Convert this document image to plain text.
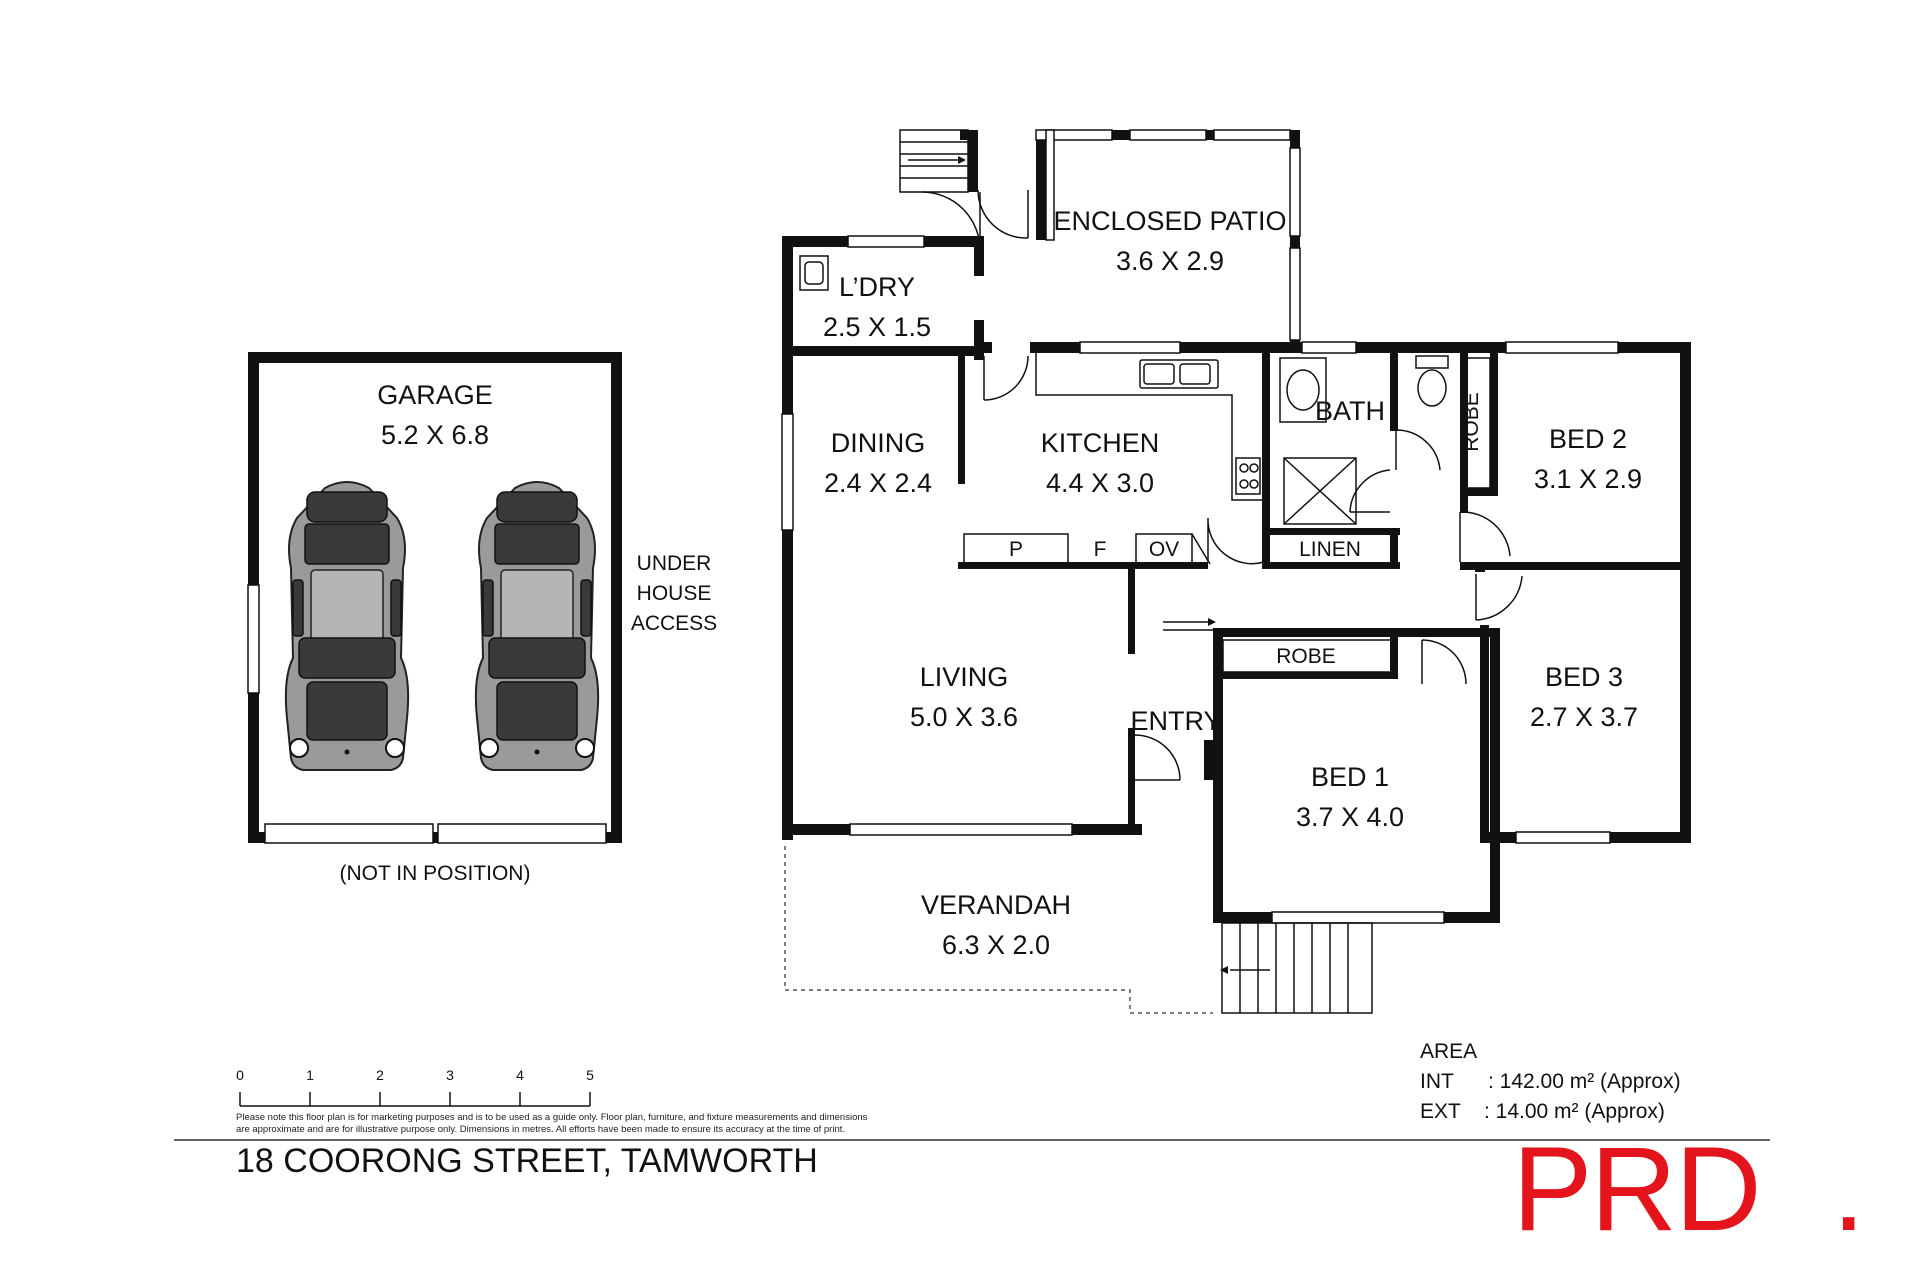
GARAGE
5.2 X 6.8
(NOT IN POSITION)
UNDER
HOUSE
ACCESS
P	F OV
ENCLOSED PATIO
3.6 X 2.9
L’DRY
2.5 X 1.5
DINING
2.4 X 2.4
KITCHEN
4.4 X 3.0
BATH
LINEN
BED 2
3.1 X 2.9
ROBE
BED 3
2.7 X 3.7
ROBE
BED 1
3.7 X 4.0
LIVING
5.0 X 3.6	ENTRY
VERANDAH
6.3 X 2.0
0	1	2	3	4	5
Please note this floor plan is for marketing purposes and is to be used as a guide only. Floor plan, furniture, and fixture measurements and dimensions
are approximate and are for illustrative purpose only. Dimensions in metres. All efforts have been made to ensure its accuracy at the time of print.
18 COORONG STREET, TAMWORTH
AREA
INT : 142.00 m² (Approx)
EXT : 14.00 m² (Approx)
PRD .
